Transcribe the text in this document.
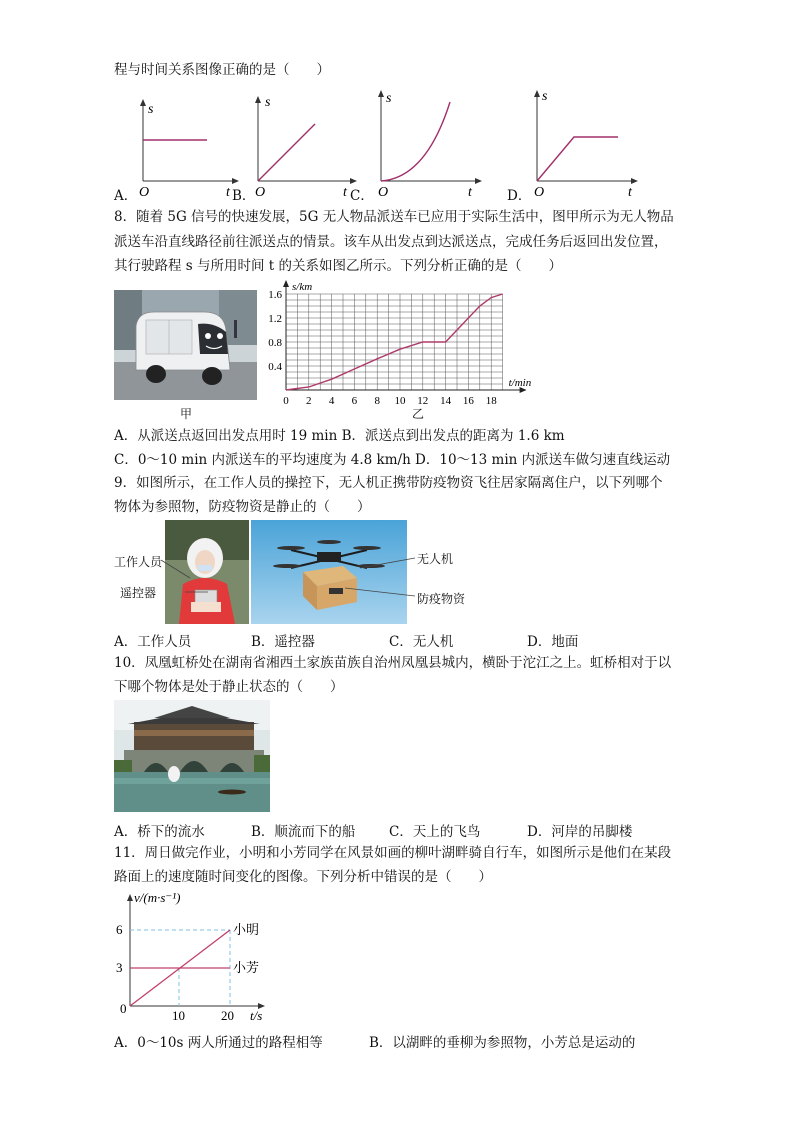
程与时间关系图像正确的是（　　）
s
O	t
s
O	t
s
O	t
s
O	t
A．	B．	C．	D．
8．随着 5G 信号的快速发展，5G 无人物品派送车已应用于实际生活中，图甲所示为无人物品
派送车沿直线路径前往派送点的情景。该车从出发点到达派送点，完成任务后返回出发位置，
其行驶路程 s 与所用时间 t 的关系如图乙所示。下列分析正确的是（　　）
甲
0 2 4 6 8 10 12 14 16 18
0.4
0.8
1.2
1.6
s/km
t/min
乙
A．从派送点返回出发点用时 19 min B．派送点到出发点的距离为 1.6 km
C．0～10 min 内派送车的平均速度为 4.8 km/h D．10～13 min 内派送车做匀速直线运动
9．如图所示，在工作人员的操控下，无人机正携带防疫物资飞往居家隔离住户，以下列哪个
物体为参照物，防疫物资是静止的（　　）
工作人员
遥控器
无人机
防疫物资
A．工作人员	B．遥控器	C．无人机	D．地面
10．凤凰虹桥处在湖南省湘西土家族苗族自治州凤凰县城内，横卧于沱江之上。虹桥相对于以
下哪个物体是处于静止状态的（　　）
A．桥下的流水	B．顺流而下的船 C．天上的飞鸟	D．河岸的吊脚楼
11．周日做完作业，小明和小芳同学在风景如画的柳叶湖畔骑自行车，如图所示是他们在某段
路面上的速度随时间变化的图像。下列分析中错误的是（　　）
v/(m·s⁻¹)
6
3
0	10	20 t/s
小明
小芳
A．0～10s 两人所通过的路程相等	B．以湖畔的垂柳为参照物，小芳总是运动的
